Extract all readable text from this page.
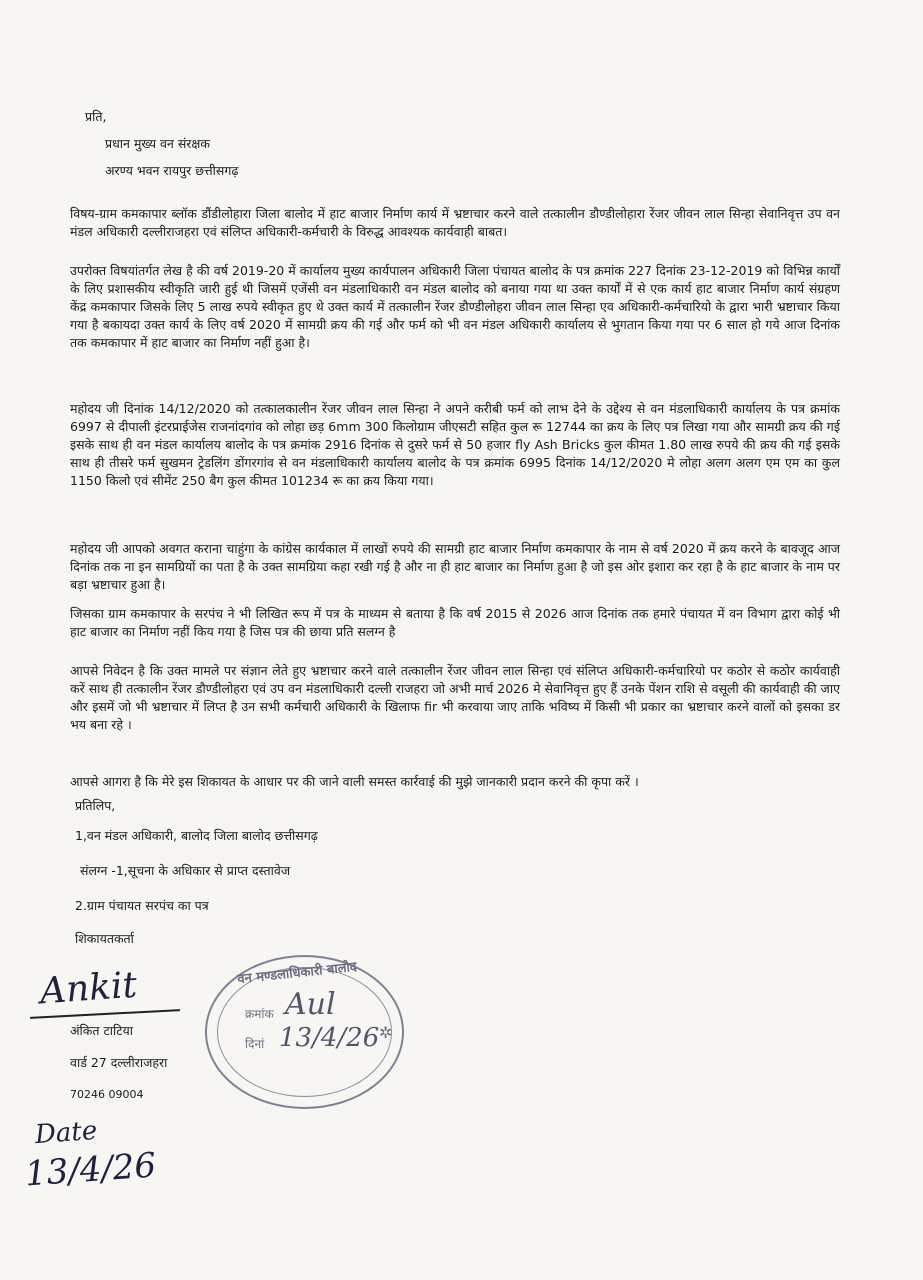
प्रति,
प्रधान मुख्य वन संरक्षक
अरण्य भवन रायपुर छत्तीसगढ़
विषय-ग्राम कमकापार ब्लॉक डौंडीलोहारा जिला बालोद में हाट बाजार निर्माण कार्य में भ्रष्टाचार करने वाले तत्कालीन डौण्डीलोहारा रेंजर जीवन लाल सिन्हा सेवानिवृत्त उप वन मंडल अधिकारी दल्लीराजहरा एवं संलिप्त अधिकारी-कर्मचारी के विरुद्ध आवश्यक कार्यवाही बाबत।
उपरोक्त विषयांतर्गत लेख है की वर्ष 2019-20 में कार्यालय मुख्य कार्यपालन अधिकारी जिला पंचायत बालोद के पत्र क्रमांक 227 दिनांक 23-12-2019 को विभिन्न कार्यों के लिए प्रशासकीय स्वीकृति जारी हुई थी जिसमें एजेंसी वन मंडलाधिकारी वन मंडल बालोद को बनाया गया था उक्त कार्यों में से एक कार्य हाट बाजार निर्माण कार्य संग्रहण केंद्र कमकापार जिसके लिए 5 लाख रुपये स्वीकृत हुए थे उक्त कार्य में तत्कालीन रेंजर डौण्डीलोहरा जीवन लाल सिन्हा एव अधिकारी-कर्मचारियो के द्वारा भारी भ्रष्टाचार किया गया है बकायदा उक्त कार्य के लिए वर्ष 2020 में सामग्री क्रय की गई और फर्म को भी वन मंडल अधिकारी कार्यालय से भुगतान किया गया पर 6 साल हो गये आज दिनांक तक कमकापार में हाट बाजार का निर्माण नहीं हुआ है।
महोदय जी दिनांक 14/12/2020 को तत्कालकालीन रेंजर जीवन लाल सिन्हा ने अपने करीबी फर्म को लाभ देने के उद्देश्य से वन मंडलाधिकारी कार्यालय के पत्र क्रमांक 6997 से दीपाली इंटरप्राईजेस राजनांदगांव को लोहा छड़ 6mm 300 किलोग्राम जीएसटी सहित कुल रू 12744 का क्रय के लिए पत्र लिखा गया और सामग्री क्रय की गई इसके साथ ही वन मंडल कार्यालय बालोद के पत्र क्रमांक 2916 दिनांक से दुसरे फर्म से 50 हजार fly Ash Bricks कुल कीमत 1.80 लाख रुपये की क्रय की गई इसके साथ ही तीसरे फर्म सुखमन ट्रेडलिंग डोंगरगांव से वन मंडलाधिकारी कार्यालय बालोद के पत्र क्रमांक 6995 दिनांक 14/12/2020 मे लोहा अलग अलग एम एम का कुल 1150 किलो एवं सीमेंट 250 बैग कुल कीमत 101234 रू का क्रय किया गया।
महोदय जी आपको अवगत कराना चाहुंगा के कांग्रेस कार्यकाल में लाखों रुपये की सामग्री हाट बाजार निर्माण कमकापार के नाम से वर्ष 2020 में क्रय करने के बावजूद आज दिनांक तक ना इन सामग्रियों का पता है के उक्त सामग्रिया कहा रखी गई है और ना ही हाट बाजार का निर्माण हुआ है जो इस ओर इशारा कर रहा है के हाट बाजार के नाम पर बड़ा भ्रष्टाचार हुआ है।
जिसका ग्राम कमकापार के सरपंच ने भी लिखित रूप में पत्र के माध्यम से बताया है कि वर्ष 2015 से 2026 आज दिनांक तक हमारे पंचायत में वन विभाग द्वारा कोई भी हाट बाजार का निर्माण नहीं किय गया है जिस पत्र की छाया प्रति सलग्न है
आपसे निवेदन है कि उक्त मामले पर संज्ञान लेते हुए भ्रष्टाचार करने वाले तत्कालीन रेंजर जीवन लाल सिन्हा एवं संलिप्त अधिकारी-कर्मचारियो पर कठोर से कठोर कार्यवाही करें साथ ही तत्कालीन रेंजर डौण्डीलोहरा एवं उप वन मंडलाधिकारी दल्ली राजहरा जो अभी मार्च 2026 मे सेवानिवृत्त हुए हैं उनके पेंशन राशि से वसूली की कार्यवाही की जाए और इसमें जो भी भ्रष्टाचार में लिप्त है उन सभी कर्मचारी अधिकारी के खिलाफ fir भी करवाया जाए ताकि भविष्य में किसी भी प्रकार का भ्रष्टाचार करने वालों को इसका डर भय बना रहे ।
आपसे आगरा है कि मेरे इस शिकायत के आधार पर की जाने वाली समस्त कार्रवाई की मुझे जानकारी प्रदान करने की कृपा करें ।
प्रतिलिप,
1,वन मंडल अधिकारी, बालोद जिला बालोद छत्तीसगढ़
संलग्न -1,सूचना के अधिकार से प्राप्त दस्तावेज
2.ग्राम पंचायत सरपंच का पत्र
शिकायतकर्ता
Ankit
अंकित टाटिया
वार्ड 27 दल्लीराजहरा
70246 09004
Date
13/4/26
वन मण्डलाधिकारी बालोद
क्रमांक
दिनां
Aul
13/4/26 ✲
